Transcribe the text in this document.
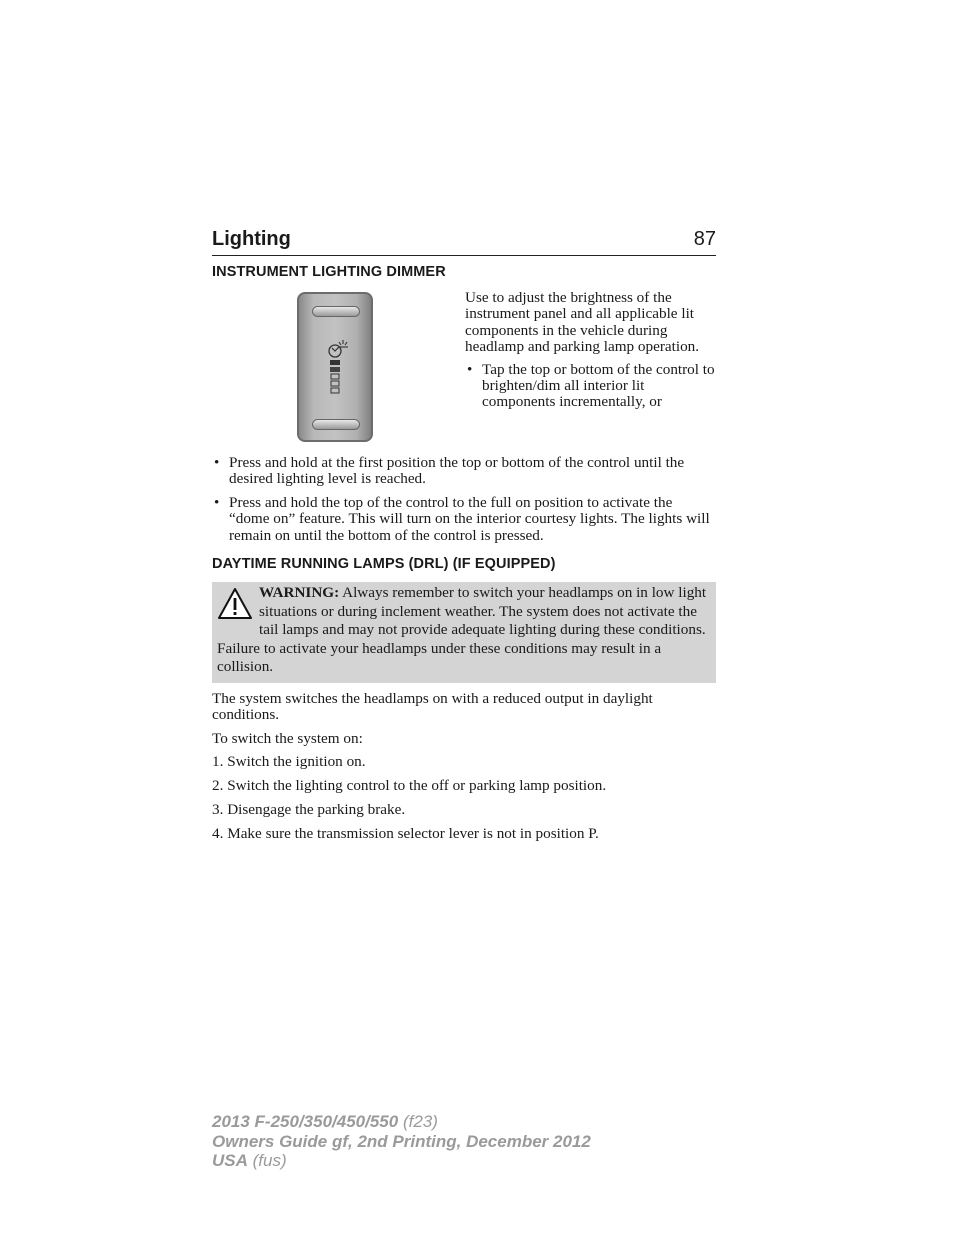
Lighting	87
INSTRUMENT LIGHTING DIMMER

Use to adjust the brightness of the instrument panel and all applicable lit components in the vehicle during headlamp and parking lamp operation.

• Tap the top or bottom of the control to brighten/dim all interior lit components incrementally, or
• Press and hold at the first position the top or bottom of the control until the desired lighting level is reached.
• Press and hold the top of the control to the full on position to activate the “dome on” feature. This will turn on the interior courtesy lights. The lights will remain on until the bottom of the control is pressed.
DAYTIME RUNNING LAMPS (DRL) (IF EQUIPPED)

WARNING: Always remember to switch your headlamps on in low light situations or during inclement weather. The system does not activate the tail lamps and may not provide adequate lighting during these conditions. Failure to activate your headlamps under these conditions may result in a collision.

The system switches the headlamps on with a reduced output in daylight conditions.

To switch the system on:

1. Switch the ignition on.
2. Switch the lighting control to the off or parking lamp position.
3. Disengage the parking brake.
4. Make sure the transmission selector lever is not in position P.
2013 F-250/350/450/550 (f23)
Owners Guide gf, 2nd Printing, December 2012
USA (fus)
